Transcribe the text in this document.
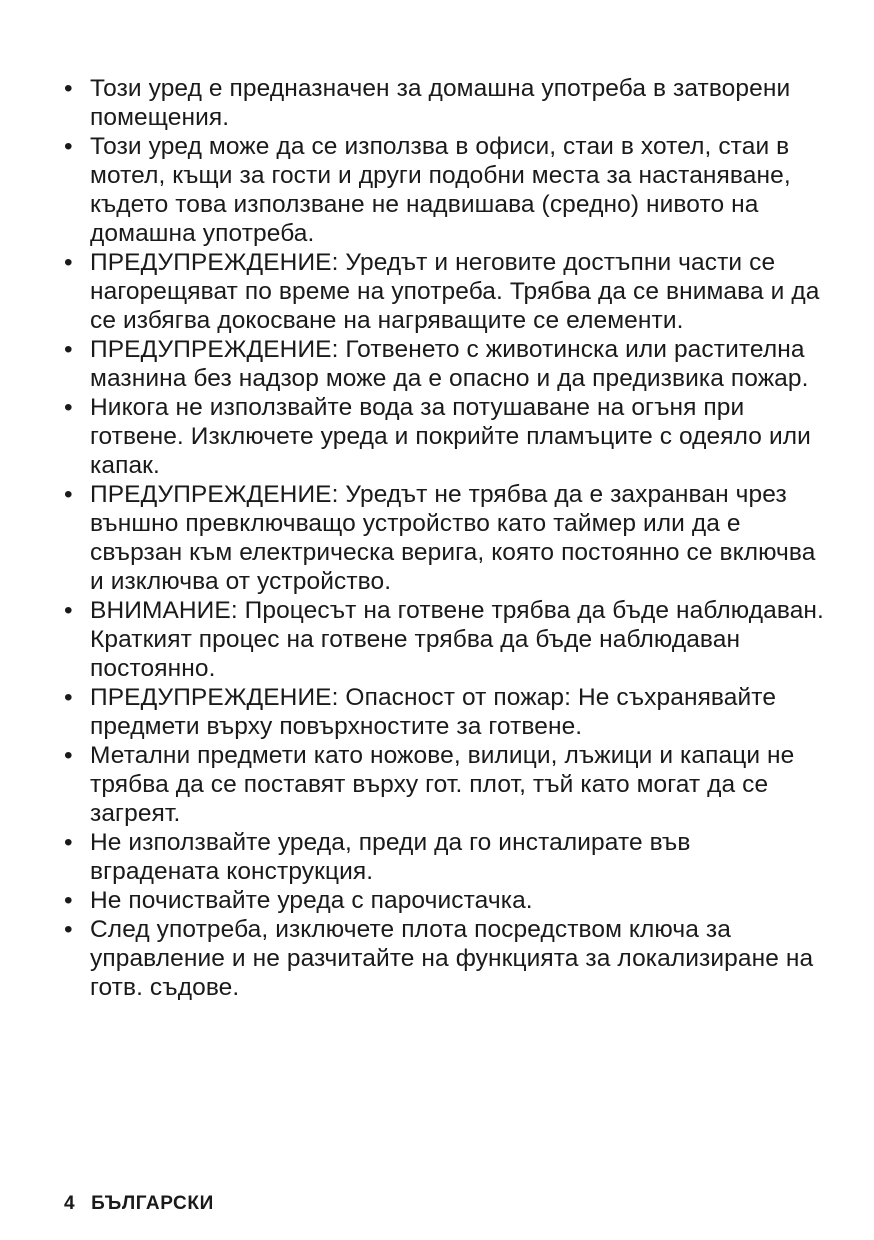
• Този уред е предназначен за домашна употреба в затворени помещения.
• Този уред може да се използва в офиси, стаи в хотел, стаи в мотел, къщи за гости и други подобни места за настаняване, където това използване не надвишава (средно) нивото на домашна употреба.
• ПРЕДУПРЕЖДЕНИЕ: Уредът и неговите достъпни части се нагорещяват по време на употреба. Трябва да се внимава и да се избягва докосване на нагряващите се елементи.
• ПРЕДУПРЕЖДЕНИЕ: Готвенето с животинска или растителна мазнина без надзор може да е опасно и да предизвика пожар.
• Никога не използвайте вода за потушаване на огъня при готвене. Изключете уреда и покрийте пламъците с одеяло или капак.
• ПРЕДУПРЕЖДЕНИЕ: Уредът не трябва да е захранван чрез външно превключващо устройство като таймер или да е свързан към електрическа верига, която постоянно се включва и изключва от устройство.
• ВНИМАНИЕ: Процесът на готвене трябва да бъде наблюдаван. Краткият процес на готвене трябва да бъде наблюдаван постоянно.
• ПРЕДУПРЕЖДЕНИЕ: Опасност от пожар: Не съхранявайте предмети върху повърхностите за готвене.
• Метални предмети като ножове, вилици, лъжици и капаци не трябва да се поставят върху гот. плот, тъй като могат да се загреят.
• Не използвайте уреда, преди да го инсталирате във вградената конструкция.
• Не почиствайте уреда с парочистачка.
• След употреба, изключете плота посредством ключа за управление и не разчитайте на функцията за локализиране на готв. съдове.
4 БЪЛГАРСКИ
